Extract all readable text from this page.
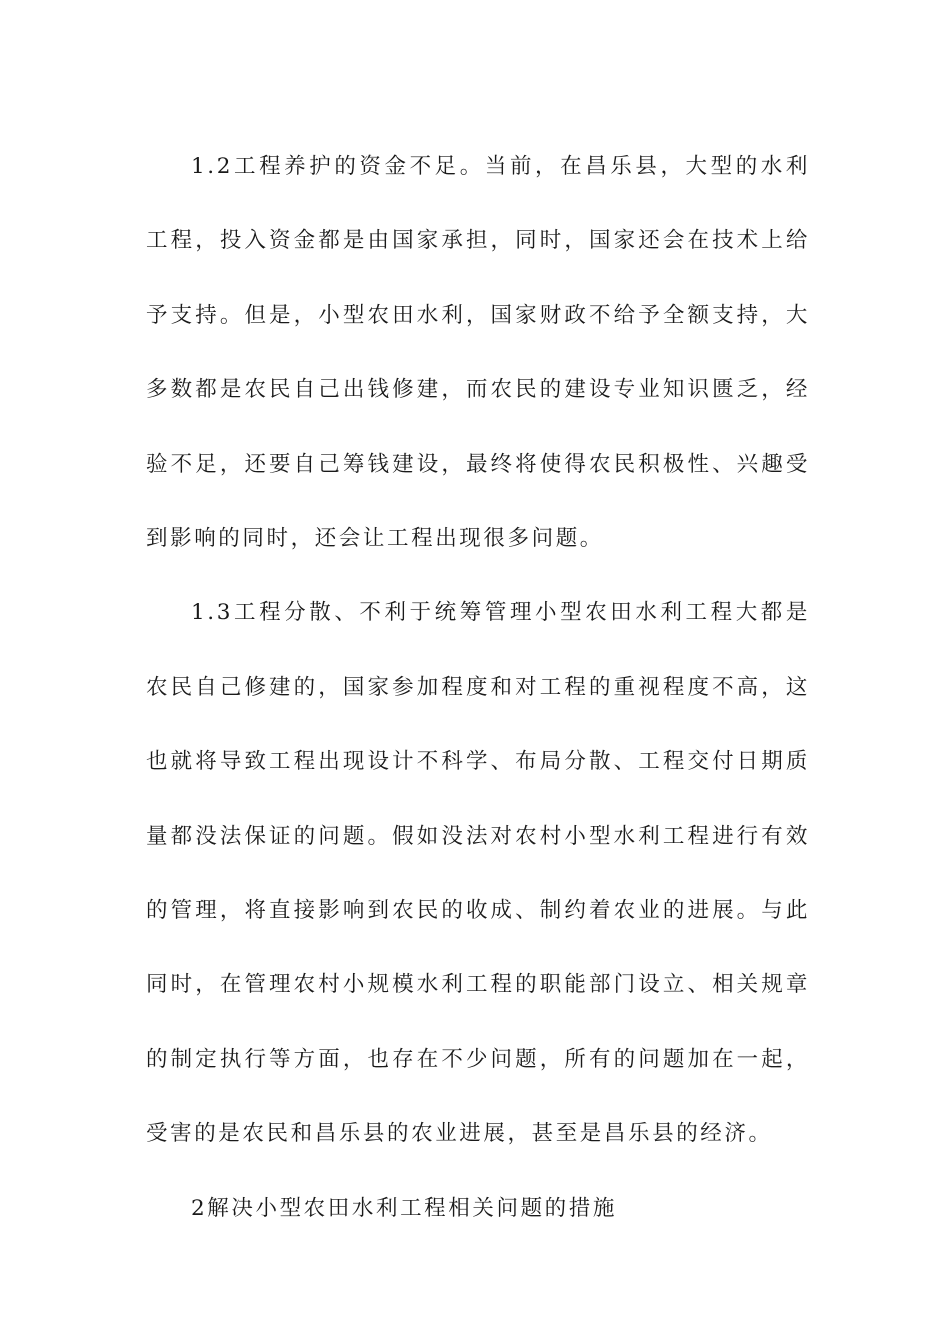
1.2工程养护的资金不足。当前，在昌乐县，大型的水利工程，投入资金都是由国家承担，同时，国家还会在技术上给予支持。但是，小型农田水利，国家财政不给予全额支持，大多数都是农民自己出钱修建，而农民的建设专业知识匮乏，经验不足，还要自己筹钱建设，最终将使得农民积极性、兴趣受到影响的同时，还会让工程出现很多问题。

1.3工程分散、不利于统筹管理小型农田水利工程大都是农民自己修建的，国家参加程度和对工程的重视程度不高，这也就将导致工程出现设计不科学、布局分散、工程交付日期质量都没法保证的问题。假如没法对农村小型水利工程进行有效的管理，将直接影响到农民的收成、制约着农业的进展。与此同时，在管理农村小规模水利工程的职能部门设立、相关规章的制定执行等方面，也存在不少问题，所有的问题加在一起，受害的是农民和昌乐县的农业进展，甚至是昌乐县的经济。

2解决小型农田水利工程相关问题的措施
